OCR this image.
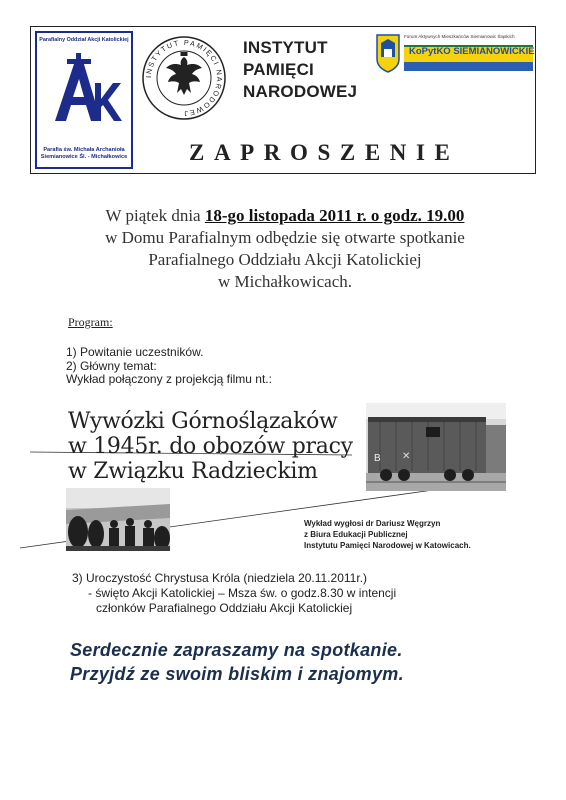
Parafialny Oddział Akcji Katolickiej
Parafia św. Michała Archanioła
Siemianowice Śl. - Michałkowice
INSTYTUT PAMIĘCI NARODOWEJ
INSTYTUT
PAMIĘCI
NARODOWEJ
Forum Aktywnych Mieszkańców Siemianowic Śląskich
KoPytKO SIEMIANOWICKIE
ZAPROSZENIE
W piątek dnia 18-go listopada 2011 r. o godz. 19.00
w Domu Parafialnym odbędzie się otwarte spotkanie
Parafialnego Oddziału Akcji Katolickiej
w Michałkowicach.
Program:
1) Powitanie uczestników.
2) Główny temat:
Wykład połączony z projekcją filmu nt.:
Wywózki Górnoślązaków
w 1945r. do obozów pracy
w Związku Radzieckim
B ✕
Wykład wygłosi dr Dariusz Węgrzyn
z Biura Edukacji Publicznej
Instytutu Pamięci Narodowej w Katowicach.
3) Uroczystość Chrystusa Króla (niedziela 20.11.2011r.)
- święto Akcji Katolickiej – Msza św. o godz.8.30 w intencji
członków Parafialnego Oddziału Akcji Katolickiej
Serdecznie zapraszamy na spotkanie.
Przyjdź ze swoim bliskim i znajomym.
